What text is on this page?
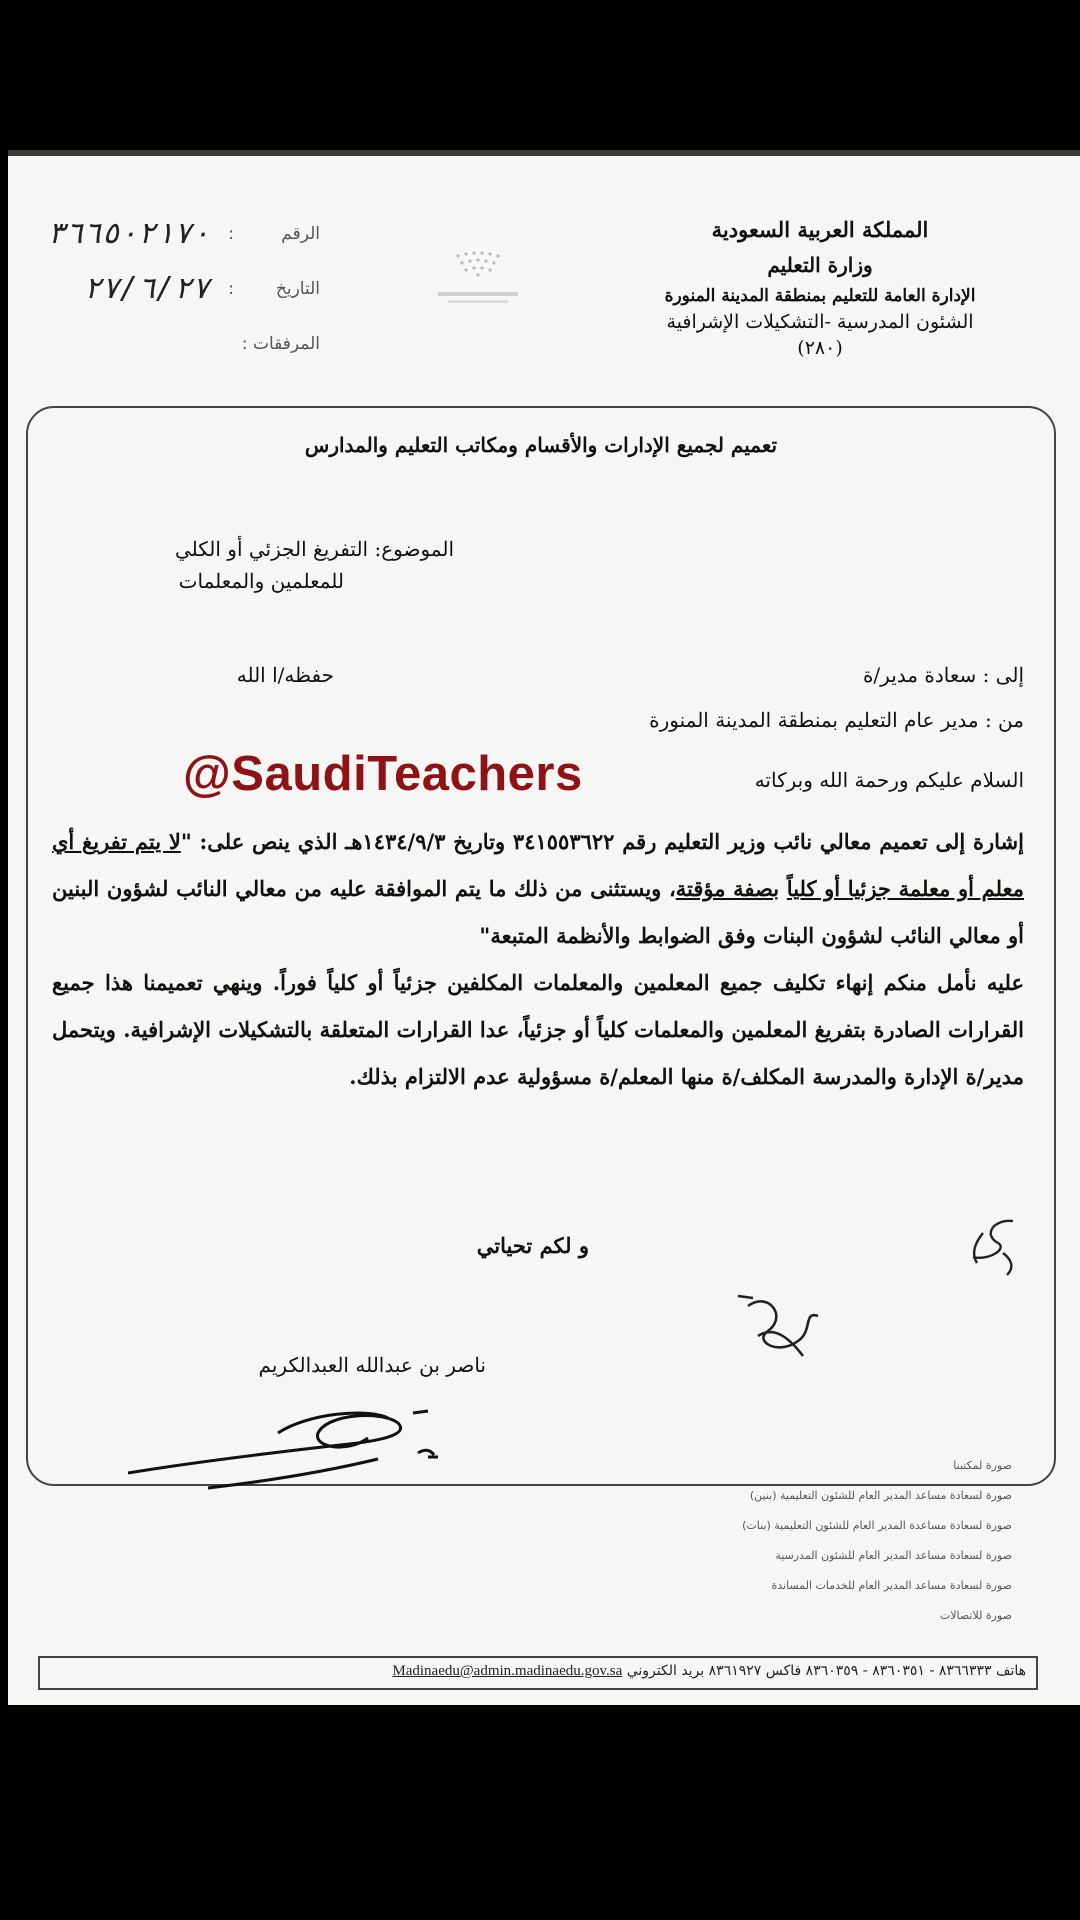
المملكة العربية السعودية
وزارة التعليم
الإدارة العامة للتعليم بمنطقة المدينة المنورة
الشئون المدرسية -التشكيلات الإشرافية
(٢٨٠)
الرقم
:
٣٦٦٥٠٢١٧٠
التاريخ
:
٢٧/٦/٢٧
المرفقات :
تعميم لجميع الإدارات والأقسام ومكاتب التعليم والمدارس
الموضوع: التفريغ الجزئي أو الكلي
للمعلمين والمعلمات
إلى : سعادة مدير/ة
حفظه/ا الله
من : مدير عام التعليم بمنطقة المدينة المنورة
السلام عليكم ورحمة الله وبركاته
@SaudiTeachers

إشارة إلى تعميم معالي نائب وزير التعليم رقم ٣٤١٥٥٣٦٢٢ وتاريخ ١٤٣٤/٩/٣هـ الذي ينص على: "لا يتم تفريغ أي معلم أو معلمة جزئيا أو كلياً بصفة مؤقتة، ويستثنى من ذلك ما يتم الموافقة عليه من معالي النائب لشؤون البنين أو معالي النائب لشؤون البنات وفق الضوابط والأنظمة المتبعة"

عليه نأمل منكم إنهاء تكليف جميع المعلمين والمعلمات المكلفين جزئياً أو كلياً فوراً. وينهي تعميمنا هذا جميع القرارات الصادرة بتفريغ المعلمين والمعلمات كلياً أو جزئياً، عدا القرارات المتعلقة بالتشكيلات الإشرافية. ويتحمل مدير/ة الإدارة والمدرسة المكلف/ة منها المعلم/ة مسؤولية عدم الالتزام بذلك.

و لكم تحياتي
ناصر بن عبدالله العبدالكريم
صورة لمكتبنا
صورة لسعادة مساعد المدير العام للشئون التعليمية (بنين)
صورة لسعادة مساعدة المدير العام للشئون التعليمية (بنات)
صورة لسعادة مساعد المدير العام للشئون المدرسية
صورة لسعادة مساعد المدير العام للخدمات المساندة
صورة للاتصالات
هاتف ٨٣٦٦٣٣٣ - ٨٣٦٠٣٥١ - ٨٣٦٠٣٥٩ فاكس ٨٣٦١٩٢٧ بريد الكتروني Madinaedu@admin.madinaedu.gov.sa
